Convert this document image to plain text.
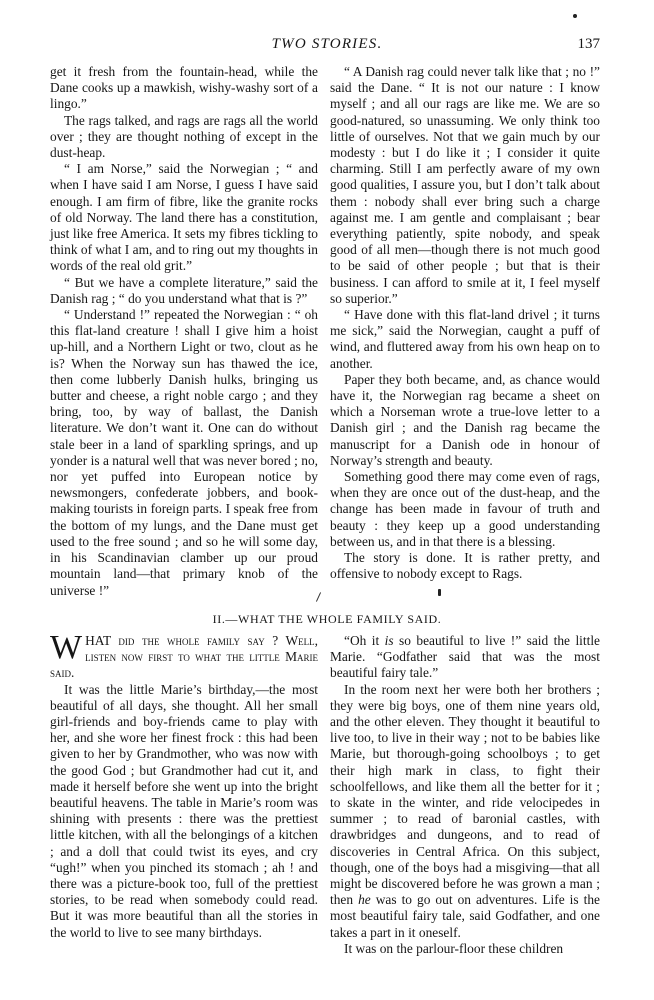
TWO STORIES.	137

get it fresh from the fountain-head, while the Dane cooks up a mawkish, wishy-washy sort of a lingo.”

The rags talked, and rags are rags all the world over ; they are thought nothing of except in the dust-heap.

“ I am Norse,” said the Norwegian ; “ and when I have said I am Norse, I guess I have said enough. I am firm of fibre, like the granite rocks of old Norway. The land there has a constitution, just like free America. It sets my fibres tickling to think of what I am, and to ring out my thoughts in words of the real old grit.”

“ But we have a complete literature,” said the Danish rag ; “ do you understand what that is ?”

“ Understand !” repeated the Norwegian : “ oh this flat-land creature ! shall I give him a hoist up-hill, and a Northern Light or two, clout as he is? When the Norway sun has thawed the ice, then come lubberly Danish hulks, bringing us butter and cheese, a right noble cargo ; and they bring, too, by way of ballast, the Danish literature. We don’t want it. One can do without stale beer in a land of sparkling springs, and up yonder is a natural well that was never bored ; no, nor yet puffed into European notice by newsmongers, confederate jobbers, and book-making tourists in foreign parts. I speak free from the bottom of my lungs, and the Dane must get used to the free sound ; and so he will some day, in his Scandinavian clamber up our proud mountain land—that primary knob of the universe !”

“ A Danish rag could never talk like that ; no !” said the Dane. “ It is not our nature : I know myself ; and all our rags are like me. We are so good-natured, so unassuming. We only think too little of ourselves. Not that we gain much by our modesty : but I do like it ; I consider it quite charming. Still I am perfectly aware of my own good qualities, I assure you, but I don’t talk about them : nobody shall ever bring such a charge against me. I am gentle and complaisant ; bear everything patiently, spite nobody, and speak good of all men—though there is not much good to be said of other people ; but that is their business. I can afford to smile at it, I feel myself so superior.”

“ Have done with this flat-land drivel ; it turns me sick,” said the Norwegian, caught a puff of wind, and fluttered away from his own heap on to another.

Paper they both became, and, as chance would have it, the Norwegian rag became a sheet on which a Norseman wrote a true-love letter to a Danish girl ; and the Danish rag became the manuscript for a Danish ode in honour of Norway’s strength and beauty.

Something good there may come even of rags, when they are once out of the dust-heap, and the change has been made in favour of truth and beauty : they keep up a good understanding between us, and in that there is a blessing.

The story is done. It is rather pretty, and offensive to nobody except to Rags.

II.—WHAT THE WHOLE FAMILY SAID.

WHAT did the whole family say ? Well, listen now first to what the little Marie said.

It was the little Marie’s birthday,—the most beautiful of all days, she thought. All her small girl-friends and boy-friends came to play with her, and she wore her finest frock : this had been given to her by Grandmother, who was now with the good God ; but Grandmother had cut it, and made it herself before she went up into the bright beautiful heavens. The table in Marie’s room was shining with presents : there was the prettiest little kitchen, with all the belongings of a kitchen ; and a doll that could twist its eyes, and cry “ugh!” when you pinched its stomach ; ah ! and there was a picture-book too, full of the prettiest stories, to be read when somebody could read. But it was more beautiful than all the stories in the world to live to see many birthdays.

“Oh it is so beautiful to live !” said the little Marie. “Godfather said that was the most beautiful fairy tale.”

In the room next her were both her brothers ; they were big boys, one of them nine years old, and the other eleven. They thought it beautiful to live too, to live in their way ; not to be babies like Marie, but thorough-going schoolboys ; to get their high mark in class, to fight their schoolfellows, and like them all the better for it ; to skate in the winter, and ride velocipedes in summer ; to read of baronial castles, with drawbridges and dungeons, and to read of discoveries in Central Africa. On this subject, though, one of the boys had a misgiving—that all might be discovered before he was grown a man ; then he was to go out on adventures. Life is the most beautiful fairy tale, said Godfather, and one takes a part in it oneself.

It was on the parlour-floor these children
